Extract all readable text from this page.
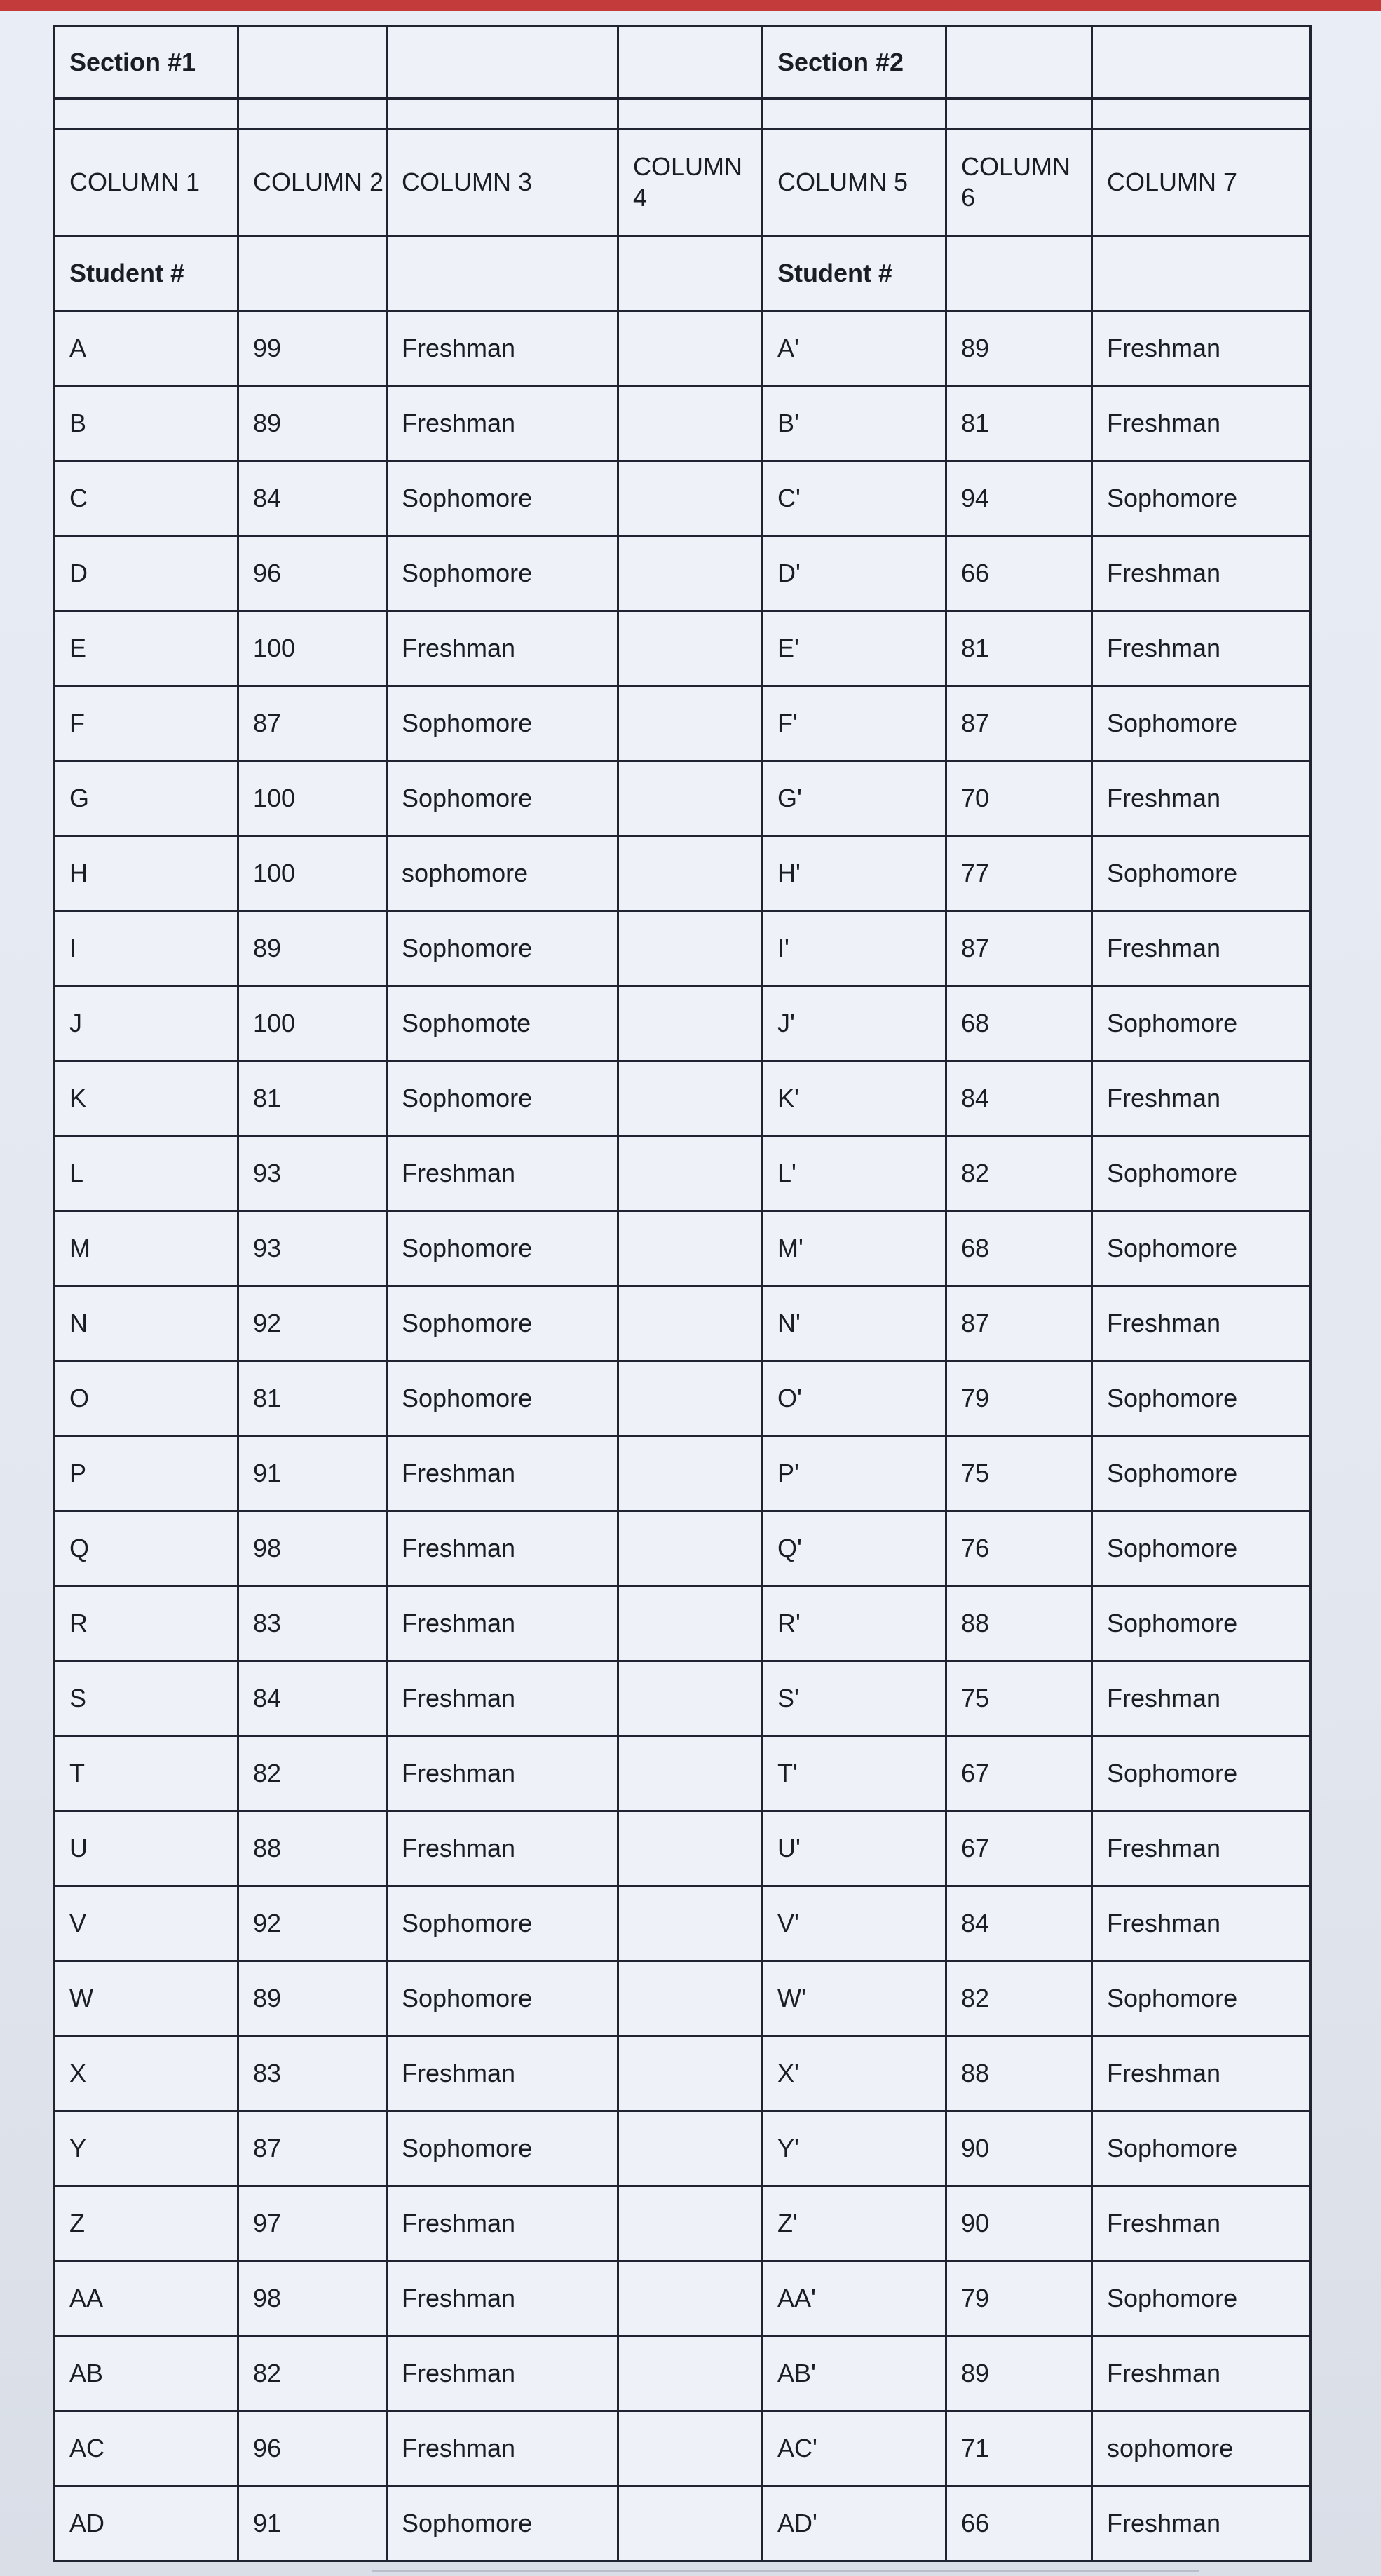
Section #1				Section #2		

COLUMN 1	COLUMN 2	COLUMN 3	COLUMN 4	COLUMN 5	COLUMN 6	COLUMN 7
Student #				Student #		
A	99	Freshman		A'	89	Freshman
B	89	Freshman		B'	81	Freshman
C	84	Sophomore		C'	94	Sophomore
D	96	Sophomore		D'	66	Freshman
E	100	Freshman		E'	81	Freshman
F	87	Sophomore		F'	87	Sophomore
G	100	Sophomore		G'	70	Freshman
H	100	sophomore		H'	77	Sophomore
I	89	Sophomore		I'	87	Freshman
J	100	Sophomote		J'	68	Sophomore
K	81	Sophomore		K'	84	Freshman
L	93	Freshman		L'	82	Sophomore
M	93	Sophomore		M'	68	Sophomore
N	92	Sophomore		N'	87	Freshman
O	81	Sophomore		O'	79	Sophomore
P	91	Freshman		P'	75	Sophomore
Q	98	Freshman		Q'	76	Sophomore
R	83	Freshman		R'	88	Sophomore
S	84	Freshman		S'	75	Freshman
T	82	Freshman		T'	67	Sophomore
U	88	Freshman		U'	67	Freshman
V	92	Sophomore		V'	84	Freshman
W	89	Sophomore		W'	82	Sophomore
X	83	Freshman		X'	88	Freshman
Y	87	Sophomore		Y'	90	Sophomore
Z	97	Freshman		Z'	90	Freshman
AA	98	Freshman		AA'	79	Sophomore
AB	82	Freshman		AB'	89	Freshman
AC	96	Freshman		AC'	71	sophomore
AD	91	Sophomore		AD'	66	Freshman
